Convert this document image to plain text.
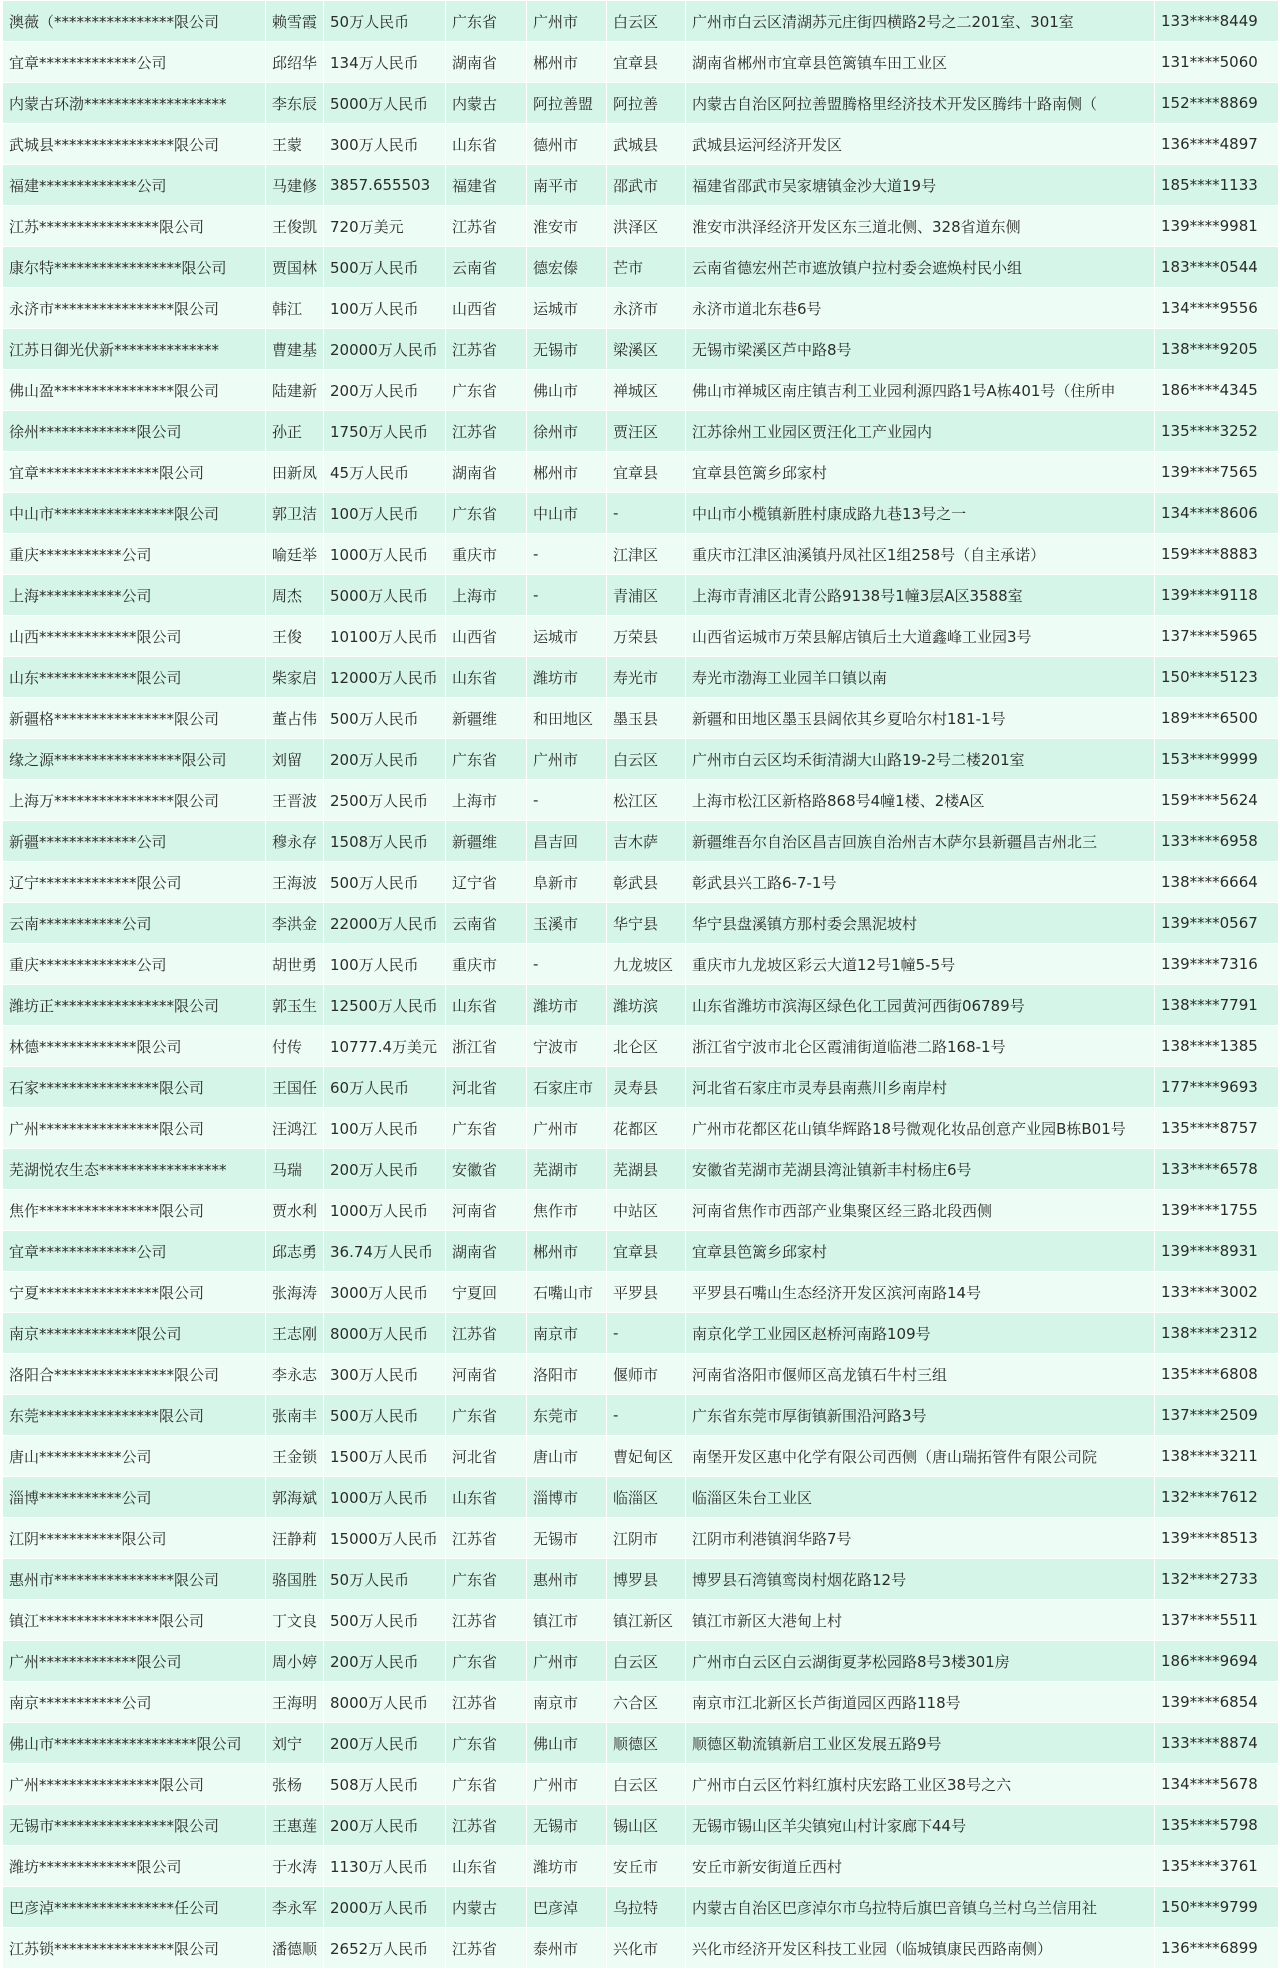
澳薇（****************限公司	赖雪霞	50万人民币	广东省	广州市	白云区	广州市白云区清湖苏元庄街四横路2号之二201室、301室	133****8449
宜章*************公司	邱绍华	134万人民币	湖南省	郴州市	宜章县	湖南省郴州市宜章县笆篱镇车田工业区	131****5060
内蒙古环渤*******************	李东辰	5000万人民币	内蒙古	阿拉善盟	阿拉善	内蒙古自治区阿拉善盟腾格里经济技术开发区腾纬十路南侧（	152****8869
武城县****************限公司	王蒙	300万人民币	山东省	德州市	武城县	武城县运河经济开发区	136****4897
福建*************公司	马建修	3857.655503	福建省	南平市	邵武市	福建省邵武市吴家塘镇金沙大道19号	185****1133
江苏****************限公司	王俊凯	720万美元	江苏省	淮安市	洪泽区	淮安市洪泽经济开发区东三道北侧、328省道东侧	139****9981
康尔特*****************限公司	贾国林	500万人民币	云南省	德宏傣	芒市	云南省德宏州芒市遮放镇户拉村委会遮焕村民小组	183****0544
永济市****************限公司	韩江	100万人民币	山西省	运城市	永济市	永济市道北东巷6号	134****9556
江苏日御光伏新**************	曹建基	20000万人民币	江苏省	无锡市	梁溪区	无锡市梁溪区芦中路8号	138****9205
佛山盈****************限公司	陆建新	200万人民币	广东省	佛山市	禅城区	佛山市禅城区南庄镇吉利工业园利源四路1号A栋401号（住所申	186****4345
徐州*************限公司	孙正	1750万人民币	江苏省	徐州市	贾汪区	江苏徐州工业园区贾汪化工产业园内	135****3252
宜章****************限公司	田新凤	45万人民币	湖南省	郴州市	宜章县	宜章县笆篱乡邱家村	139****7565
中山市****************限公司	郭卫洁	100万人民币	广东省	中山市	-	中山市小榄镇新胜村康成路九巷13号之一	134****8606
重庆***********公司	喻廷举	1000万人民币	重庆市	-	江津区	重庆市江津区油溪镇丹凤社区1组258号（自主承诺）	159****8883
上海***********公司	周杰	5000万人民币	上海市	-	青浦区	上海市青浦区北青公路9138号1幢3层A区3588室	139****9118
山西*************限公司	王俊	10100万人民币	山西省	运城市	万荣县	山西省运城市万荣县解店镇后土大道鑫峰工业园3号	137****5965
山东*************限公司	柴家启	12000万人民币	山东省	潍坊市	寿光市	寿光市渤海工业园羊口镇以南	150****5123
新疆格****************限公司	董占伟	500万人民币	新疆维	和田地区	墨玉县	新疆和田地区墨玉县阔依其乡夏哈尔村181-1号	189****6500
缘之源*****************限公司	刘留	200万人民币	广东省	广州市	白云区	广州市白云区均禾街清湖大山路19-2号二楼201室	153****9999
上海万****************限公司	王晋波	2500万人民币	上海市	-	松江区	上海市松江区新格路868号4幢1楼、2楼A区	159****5624
新疆*************公司	穆永存	1508万人民币	新疆维	昌吉回	吉木萨	新疆维吾尔自治区昌吉回族自治州吉木萨尔县新疆昌吉州北三	133****6958
辽宁*************限公司	王海波	500万人民币	辽宁省	阜新市	彰武县	彰武县兴工路6-7-1号	138****6664
云南***********公司	李洪金	22000万人民币	云南省	玉溪市	华宁县	华宁县盘溪镇方那村委会黑泥坡村	139****0567
重庆*************公司	胡世勇	100万人民币	重庆市	-	九龙坡区	重庆市九龙坡区彩云大道12号1幢5-5号	139****7316
潍坊正****************限公司	郭玉生	12500万人民币	山东省	潍坊市	潍坊滨	山东省潍坊市滨海区绿色化工园黄河西街06789号	138****7791
林德*************限公司	付传	10777.4万美元	浙江省	宁波市	北仑区	浙江省宁波市北仑区霞浦街道临港二路168-1号	138****1385
石家****************限公司	王国任	60万人民币	河北省	石家庄市	灵寿县	河北省石家庄市灵寿县南燕川乡南岸村	177****9693
广州****************限公司	汪鸿江	100万人民币	广东省	广州市	花都区	广州市花都区花山镇华辉路18号微观化妆品创意产业园B栋B01号	135****8757
芜湖悦农生态*****************	马瑞	200万人民币	安徽省	芜湖市	芜湖县	安徽省芜湖市芜湖县湾沚镇新丰村杨庄6号	133****6578
焦作****************限公司	贾水利	1000万人民币	河南省	焦作市	中站区	河南省焦作市西部产业集聚区经三路北段西侧	139****1755
宜章*************公司	邱志勇	36.74万人民币	湖南省	郴州市	宜章县	宜章县笆篱乡邱家村	139****8931
宁夏****************限公司	张海涛	3000万人民币	宁夏回	石嘴山市	平罗县	平罗县石嘴山生态经济开发区滨河南路14号	133****3002
南京*************限公司	王志刚	8000万人民币	江苏省	南京市	-	南京化学工业园区赵桥河南路109号	138****2312
洛阳合****************限公司	李永志	300万人民币	河南省	洛阳市	偃师市	河南省洛阳市偃师区高龙镇石牛村三组	135****6808
东莞****************限公司	张南丰	500万人民币	广东省	东莞市	-	广东省东莞市厚街镇新围沿河路3号	137****2509
唐山***********公司	王金锁	1500万人民币	河北省	唐山市	曹妃甸区	南堡开发区惠中化学有限公司西侧（唐山瑞拓管件有限公司院	138****3211
淄博***********公司	郭海斌	1000万人民币	山东省	淄博市	临淄区	临淄区朱台工业区	132****7612
江阴***********限公司	汪静莉	15000万人民币	江苏省	无锡市	江阴市	江阴市利港镇润华路7号	139****8513
惠州市****************限公司	骆国胜	50万人民币	广东省	惠州市	博罗县	博罗县石湾镇鸾岗村烟花路12号	132****2733
镇江****************限公司	丁文良	500万人民币	江苏省	镇江市	镇江新区	镇江市新区大港甸上村	137****5511
广州*************限公司	周小婷	200万人民币	广东省	广州市	白云区	广州市白云区白云湖街夏茅松园路8号3楼301房	186****9694
南京***********公司	王海明	8000万人民币	江苏省	南京市	六合区	南京市江北新区长芦街道园区西路118号	139****6854
佛山市*******************限公司	刘宁	200万人民币	广东省	佛山市	顺德区	顺德区勒流镇新启工业区发展五路9号	133****8874
广州****************限公司	张杨	508万人民币	广东省	广州市	白云区	广州市白云区竹料红旗村庆宏路工业区38号之六	134****5678
无锡市****************限公司	王惠莲	200万人民币	江苏省	无锡市	锡山区	无锡市锡山区羊尖镇宛山村计家廊下44号	135****5798
潍坊*************限公司	于水涛	1130万人民币	山东省	潍坊市	安丘市	安丘市新安街道丘西村	135****3761
巴彦淖****************任公司	李永军	2000万人民币	内蒙古	巴彦淖	乌拉特	内蒙古自治区巴彦淖尔市乌拉特后旗巴音镇乌兰村乌兰信用社	150****9799
江苏锁****************限公司	潘德顺	2652万人民币	江苏省	泰州市	兴化市	兴化市经济开发区科技工业园（临城镇康民西路南侧）	136****6899
